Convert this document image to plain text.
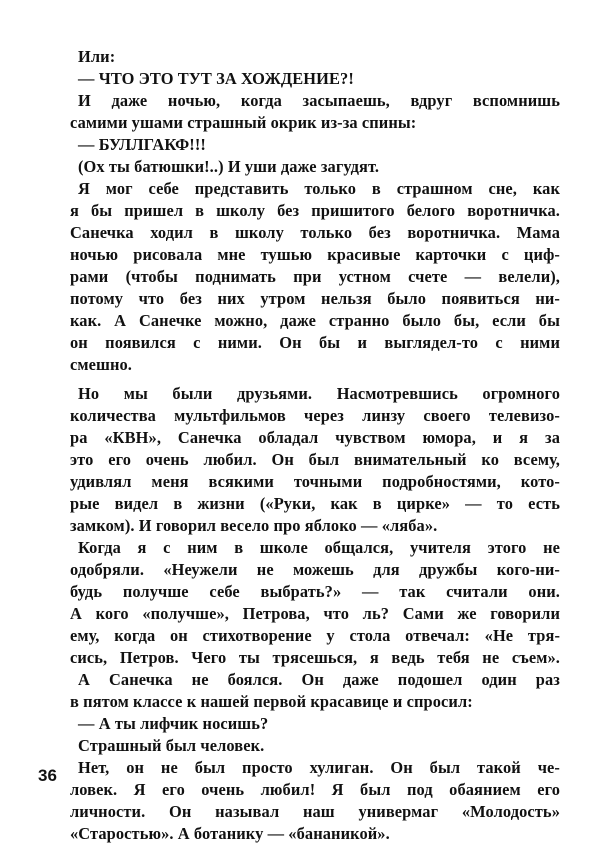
Или:
— ЧТО ЭТО ТУТ ЗА ХОЖДЕНИЕ?!
И даже ночью, когда засыпаешь, вдруг вспомнишь
самими ушами страшный окрик из-за спины:
— БУЛЛГАКФ!!!
(Ох ты батюшки!..) И уши даже загудят.
Я мог себе представить только в страшном сне, как
я бы пришел в школу без пришитого белого воротничка.
Санечка ходил в школу только без воротничка. Мама
ночью рисовала мне тушью красивые карточки с циф-
рами (чтобы поднимать при устном счете — велели),
потому что без них утром нельзя было появиться ни-
как. А Санечке можно, даже странно было бы, если бы
он появился с ними. Он бы и выглядел-то с ними
смешно.
Но мы были друзьями. Насмотревшись огромного
количества мультфильмов через линзу своего телевизо-
ра «КВН», Санечка обладал чувством юмора, и я за
это его очень любил. Он был внимательный ко всему,
удивлял меня всякими точными подробностями, кото-
рые видел в жизни («Руки, как в цирке» — то есть
замком). И говорил весело про яблоко — «ляба».
Когда я с ним в школе общался, учителя этого не
одобряли. «Неужели не можешь для дружбы кого-ни-
будь получше себе выбрать?» — так считали они.
А кого «получше», Петрова, что ль? Сами же говорили
ему, когда он стихотворение у стола отвечал: «Не тря-
сись, Петров. Чего ты трясешься, я ведь тебя не съем».
А Санечка не боялся. Он даже подошел один раз
в пятом классе к нашей первой красавице и спросил:
— А ты лифчик носишь?
Страшный был человек.
Нет, он не был просто хулиган. Он был такой че-
ловек. Я его очень любил! Я был под обаянием его
личности. Он называл наш универмаг «Молодость»
«Старостью». А ботанику — «бананикой».
36
